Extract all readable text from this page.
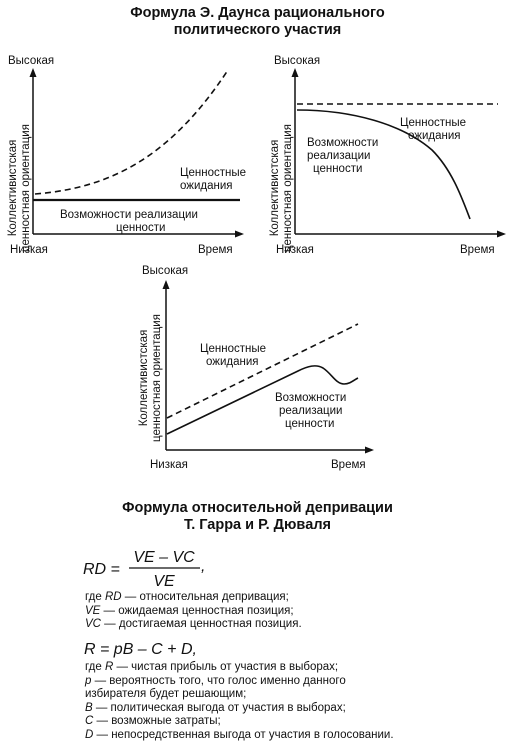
Формула Э. Даунса рационального
политического участия
Высокая
Коллективистская ценностная ориентация	Ценностные
ожидания
Возможности реализации
ценности
Низкая	Время
Высокая
Коллективистская ценностная ориентация
Ценностные
ожидания
Возможности
реализации
ценности
Низкая	Время
Высокая
Коллективистская ценностная ориентация	Ценностные
ожидания
Возможности
реализации
ценности
Низкая	Время
Формула относительной депривации
Т. Гарра и Р. Дювaля
RD =
VE – VC
VE
,
где RD — относительная депривация;
VE — ожидаемая ценностная позиция;
VC — достигаемая ценностная позиция.
R = pB – C + D,
где R — чистая прибыль от участия в выборах;
p — вероятность того, что голос именно данного
избирателя будет решающим;
B — политическая выгода от участия в выборах;
C — возможные затраты;
D — непосредственная выгода от участия в голосовании.
